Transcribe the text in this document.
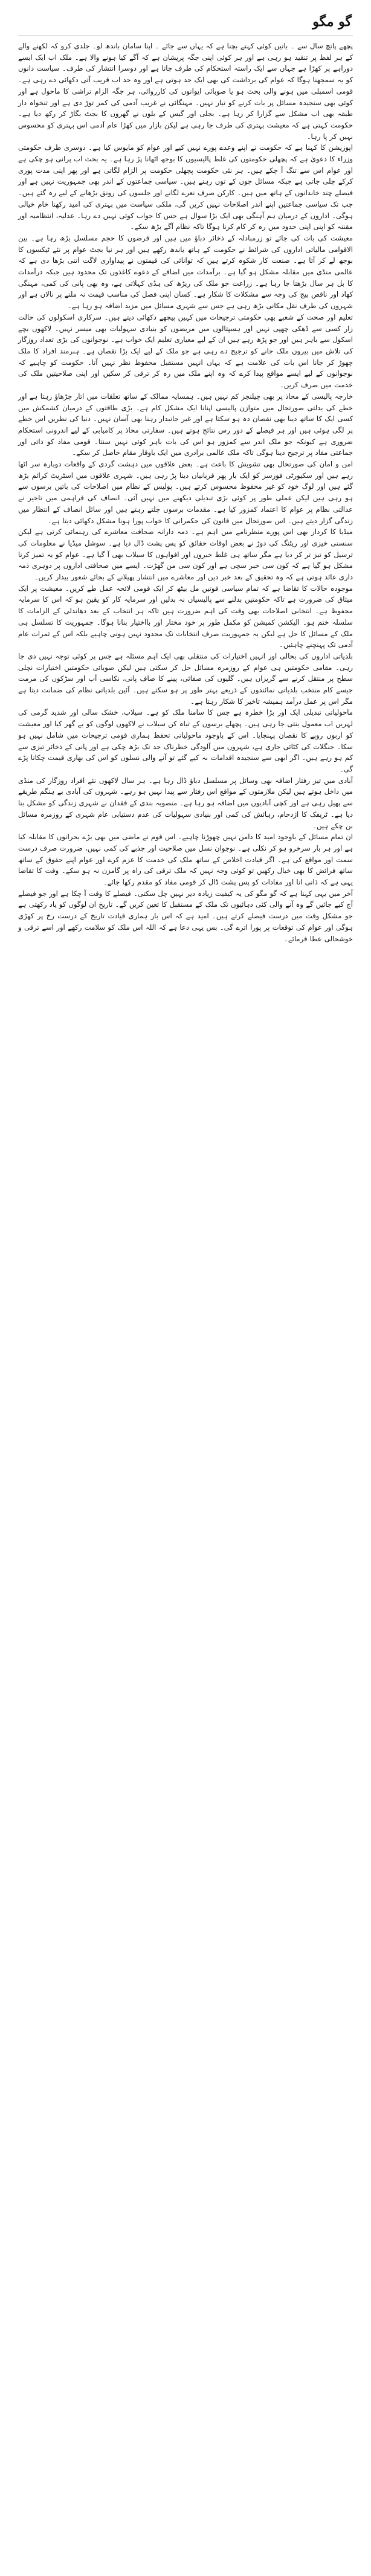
گو مگو

پچھے پانچ سال سے ۔ باتیں کوئی کہتے بچنا ہے کہ یہاں سے جائے ۔ اپنا سامان باندھ لو۔ جلدی کرو کہ لکھنے والے کے ہر لفظ پر تنقید ہو رہی ہے اور ہر کوئی اپنی جگہ پریشان ہے کہ آگے کیا ہونے والا ہے۔ ملک اب ایک ایسے دوراہے پر کھڑا ہے جہاں سے ایک راستہ استحکام کی طرف جاتا ہے اور دوسرا انتشار کی طرف۔ سیاست دانوں کو یہ سمجھنا ہوگا کہ عوام کی برداشت کی بھی ایک حد ہوتی ہے اور وہ حد اب قریب آتی دکھائی دے رہی ہے۔ قومی اسمبلی میں ہونے والی بحث ہو یا صوبائی ایوانوں کی کارروائی، ہر جگہ الزام تراشی کا ماحول ہے اور کوئی بھی سنجیدہ مسائل پر بات کرنے کو تیار نہیں۔ مہنگائی نے غریب آدمی کی کمر توڑ دی ہے اور تنخواہ دار طبقہ بھی اب مشکل سے گزارا کر رہا ہے۔ بجلی اور گیس کے بلوں نے گھروں کا بجٹ بگاڑ کر رکھ دیا ہے۔ حکومت کہتی ہے کہ معیشت بہتری کی طرف جا رہی ہے لیکن بازار میں کھڑا عام آدمی اس بہتری کو محسوس نہیں کر پا رہا۔

اپوزیشن کا کہنا ہے کہ حکومت نے اپنے وعدے پورے نہیں کیے اور عوام کو مایوس کیا ہے۔ دوسری طرف حکومتی وزراء کا دعویٰ ہے کہ پچھلی حکومتوں کی غلط پالیسیوں کا بوجھ اٹھانا پڑ رہا ہے۔ یہ بحث اب پرانی ہو چکی ہے اور عوام اس سے تنگ آ چکے ہیں۔ ہر نئی حکومت پچھلی حکومت پر الزام لگاتی ہے اور پھر اپنی مدت پوری کرکے چلی جاتی ہے جبکہ مسائل جوں کے توں رہتے ہیں۔ سیاسی جماعتوں کے اندر بھی جمہوریت نہیں ہے اور فیصلے چند خاندانوں کے ہاتھ میں ہیں۔ کارکن صرف نعرے لگانے اور جلسوں کی رونق بڑھانے کے لیے رہ گئے ہیں۔ جب تک سیاسی جماعتیں اپنے اندر اصلاحات نہیں کریں گی، ملکی سیاست میں بہتری کی امید رکھنا خام خیالی ہوگی۔ اداروں کے درمیان ہم آہنگی بھی ایک بڑا سوال ہے جس کا جواب کوئی نہیں دے رہا۔ عدلیہ، انتظامیہ اور مقننہ کو اپنی اپنی حدود میں رہ کر کام کرنا ہوگا تاکہ نظام آگے بڑھ سکے۔

معیشت کی بات کی جائے تو زرمبادلہ کے ذخائر دباؤ میں ہیں اور قرضوں کا حجم مسلسل بڑھ رہا ہے۔ بین الاقوامی مالیاتی اداروں کی شرائط نے حکومت کے ہاتھ باندھ رکھے ہیں اور ہر نیا بجٹ عوام پر نئے ٹیکسوں کا بوجھ لے کر آتا ہے۔ صنعت کار شکوہ کرتے ہیں کہ توانائی کی قیمتوں نے پیداواری لاگت اتنی بڑھا دی ہے کہ عالمی منڈی میں مقابلہ مشکل ہو گیا ہے۔ برآمدات میں اضافے کے دعوے کاغذوں تک محدود ہیں جبکہ درآمدات کا بل ہر سال بڑھتا جا رہا ہے۔ زراعت جو ملک کی ریڑھ کی ہڈی کہلاتی ہے، وہ بھی پانی کی کمی، مہنگی کھاد اور ناقص بیج کی وجہ سے مشکلات کا شکار ہے۔ کسان اپنی فصل کی مناسب قیمت نہ ملنے پر نالاں ہے اور شہروں کی طرف نقل مکانی بڑھ رہی ہے جس سے شہری مسائل میں مزید اضافہ ہو رہا ہے۔

تعلیم اور صحت کے شعبے بھی حکومتی ترجیحات میں کہیں پیچھے دکھائی دیتے ہیں۔ سرکاری اسکولوں کی حالت زار کسی سے ڈھکی چھپی نہیں اور ہسپتالوں میں مریضوں کو بنیادی سہولیات بھی میسر نہیں۔ لاکھوں بچے اسکول سے باہر ہیں اور جو پڑھ رہے ہیں ان کے لیے معیاری تعلیم ایک خواب ہے۔ نوجوانوں کی بڑی تعداد روزگار کی تلاش میں بیرون ملک جانے کو ترجیح دے رہی ہے جو ملک کے لیے ایک بڑا نقصان ہے۔ ہنرمند افراد کا ملک چھوڑ کر جانا اس بات کی علامت ہے کہ یہاں انہیں مستقبل محفوظ نظر نہیں آتا۔ حکومت کو چاہیے کہ نوجوانوں کے لیے ایسے مواقع پیدا کرے کہ وہ اپنے ملک میں رہ کر ترقی کر سکیں اور اپنی صلاحیتیں ملک کی خدمت میں صرف کریں۔

خارجہ پالیسی کے محاذ پر بھی چیلنجز کم نہیں ہیں۔ ہمسایہ ممالک کے ساتھ تعلقات میں اتار چڑھاؤ رہتا ہے اور خطے کی بدلتی صورتحال میں متوازن پالیسی اپنانا ایک مشکل کام ہے۔ بڑی طاقتوں کے درمیان کشمکش میں کسی ایک کا ساتھ دینا بھی نقصان دہ ہو سکتا ہے اور غیر جانبدار رہنا بھی آسان نہیں۔ دنیا کی نظریں اس خطے پر لگی ہوئی ہیں اور ہر فیصلے کے دور رس نتائج ہوتے ہیں۔ سفارتی محاذ پر کامیابی کے لیے اندرونی استحکام ضروری ہے کیونکہ جو ملک اندر سے کمزور ہو اس کی بات باہر کوئی نہیں سنتا۔ قومی مفاد کو ذاتی اور جماعتی مفاد پر ترجیح دینا ہوگی تاکہ ملک عالمی برادری میں ایک باوقار مقام حاصل کر سکے۔

امن و امان کی صورتحال بھی تشویش کا باعث ہے۔ بعض علاقوں میں دہشت گردی کے واقعات دوبارہ سر اٹھا رہے ہیں اور سکیورٹی فورسز کو ایک بار پھر قربانیاں دینا پڑ رہی ہیں۔ شہری علاقوں میں اسٹریٹ کرائم بڑھ گئے ہیں اور لوگ خود کو غیر محفوظ محسوس کرتے ہیں۔ پولیس کے نظام میں اصلاحات کی باتیں برسوں سے ہو رہی ہیں لیکن عملی طور پر کوئی بڑی تبدیلی دیکھنے میں نہیں آئی۔ انصاف کی فراہمی میں تاخیر نے عدالتی نظام پر عوام کا اعتماد کمزور کیا ہے۔ مقدمات برسوں چلتے رہتے ہیں اور سائل انصاف کے انتظار میں زندگی گزار دیتے ہیں۔ اس صورتحال میں قانون کی حکمرانی کا خواب پورا ہونا مشکل دکھائی دیتا ہے۔

میڈیا کا کردار بھی اس پورے منظرنامے میں اہم ہے۔ ذمہ دارانہ صحافت معاشرے کی رہنمائی کرتی ہے لیکن سنسنی خیزی اور ریٹنگ کی دوڑ نے بعض اوقات حقائق کو پس پشت ڈال دیا ہے۔ سوشل میڈیا نے معلومات کی ترسیل کو تیز تر کر دیا ہے مگر ساتھ ہی غلط خبروں اور افواہوں کا سیلاب بھی آ گیا ہے۔ عوام کو یہ تمیز کرنا مشکل ہو گیا ہے کہ کون سی خبر سچی ہے اور کون سی من گھڑت۔ ایسے میں صحافتی اداروں پر دوہری ذمہ داری عائد ہوتی ہے کہ وہ تحقیق کے بعد خبر دیں اور معاشرے میں انتشار پھیلانے کے بجائے شعور بیدار کریں۔

موجودہ حالات کا تقاضا ہے کہ تمام سیاسی قوتیں مل بیٹھ کر ایک قومی لائحہ عمل طے کریں۔ معیشت پر ایک میثاق کی ضرورت ہے تاکہ حکومتیں بدلنے سے پالیسیاں نہ بدلیں اور سرمایہ کار کو یقین ہو کہ اس کا سرمایہ محفوظ ہے۔ انتخابی اصلاحات بھی وقت کی اہم ضرورت ہیں تاکہ ہر انتخاب کے بعد دھاندلی کے الزامات کا سلسلہ ختم ہو۔ الیکشن کمیشن کو مکمل طور پر خود مختار اور بااختیار بنانا ہوگا۔ جمہوریت کا تسلسل ہی ملک کے مسائل کا حل ہے لیکن یہ جمہوریت صرف انتخابات تک محدود نہیں ہونی چاہیے بلکہ اس کے ثمرات عام آدمی تک پہنچنے چاہئیں۔

بلدیاتی اداروں کی بحالی اور انہیں اختیارات کی منتقلی بھی ایک اہم مسئلہ ہے جس پر کوئی توجہ نہیں دی جا رہی۔ مقامی حکومتیں ہی عوام کے روزمرہ مسائل حل کر سکتی ہیں لیکن صوبائی حکومتیں اختیارات نچلی سطح پر منتقل کرنے سے گریزاں ہیں۔ گلیوں کی صفائی، پینے کا صاف پانی، نکاسی آب اور سڑکوں کی مرمت جیسے کام منتخب بلدیاتی نمائندوں کے ذریعے بہتر طور پر ہو سکتے ہیں۔ آئین بلدیاتی نظام کی ضمانت دیتا ہے مگر اس پر عمل درآمد ہمیشہ تاخیر کا شکار رہتا ہے۔

ماحولیاتی تبدیلی ایک اور بڑا خطرہ ہے جس کا سامنا ملک کو ہے۔ سیلاب، خشک سالی اور شدید گرمی کی لہریں اب معمول بنتی جا رہی ہیں۔ پچھلے برسوں کے تباہ کن سیلاب نے لاکھوں لوگوں کو بے گھر کیا اور معیشت کو اربوں روپے کا نقصان پہنچایا۔ اس کے باوجود ماحولیاتی تحفظ ہماری قومی ترجیحات میں شامل نہیں ہو سکا۔ جنگلات کی کٹائی جاری ہے، شہروں میں آلودگی خطرناک حد تک بڑھ چکی ہے اور پانی کے ذخائر تیزی سے کم ہو رہے ہیں۔ اگر ابھی سے سنجیدہ اقدامات نہ کیے گئے تو آنے والی نسلوں کو اس کی بھاری قیمت چکانا پڑے گی۔

آبادی میں تیز رفتار اضافہ بھی وسائل پر مسلسل دباؤ ڈال رہا ہے۔ ہر سال لاکھوں نئے افراد روزگار کی منڈی میں داخل ہوتے ہیں لیکن ملازمتوں کے مواقع اس رفتار سے پیدا نہیں ہو رہے۔ شہروں کی آبادی بے ہنگم طریقے سے پھیل رہی ہے اور کچی آبادیوں میں اضافہ ہو رہا ہے۔ منصوبہ بندی کے فقدان نے شہری زندگی کو مشکل بنا دیا ہے۔ ٹریفک کا اژدحام، رہائش کی کمی اور بنیادی سہولیات کی عدم دستیابی عام شہری کے روزمرہ مسائل بن چکے ہیں۔

ان تمام مسائل کے باوجود امید کا دامن نہیں چھوڑنا چاہیے۔ اس قوم نے ماضی میں بھی بڑے بحرانوں کا مقابلہ کیا ہے اور ہر بار سرخرو ہو کر نکلی ہے۔ نوجوان نسل میں صلاحیت اور جذبے کی کمی نہیں، ضرورت صرف درست سمت اور مواقع کی ہے۔ اگر قیادت اخلاص کے ساتھ ملک کی خدمت کا عزم کرے اور عوام اپنے حقوق کے ساتھ ساتھ فرائض کا بھی خیال رکھیں تو کوئی وجہ نہیں کہ ملک ترقی کی راہ پر گامزن نہ ہو سکے۔ وقت کا تقاضا یہی ہے کہ ذاتی انا اور مفادات کو پس پشت ڈال کر قومی مفاد کو مقدم رکھا جائے۔

آخر میں یہی کہنا ہے کہ گو مگو کی یہ کیفیت زیادہ دیر نہیں چل سکتی۔ فیصلے کا وقت آ چکا ہے اور جو فیصلے آج کیے جائیں گے وہ آنے والی کئی دہائیوں تک ملک کے مستقبل کا تعین کریں گے۔ تاریخ ان لوگوں کو یاد رکھتی ہے جو مشکل وقت میں درست فیصلے کرتے ہیں۔ امید ہے کہ اس بار ہماری قیادت تاریخ کے درست رخ پر کھڑی ہوگی اور عوام کی توقعات پر پورا اترے گی۔ بس یہی دعا ہے کہ اللہ اس ملک کو سلامت رکھے اور اسے ترقی و خوشحالی عطا فرمائے۔
